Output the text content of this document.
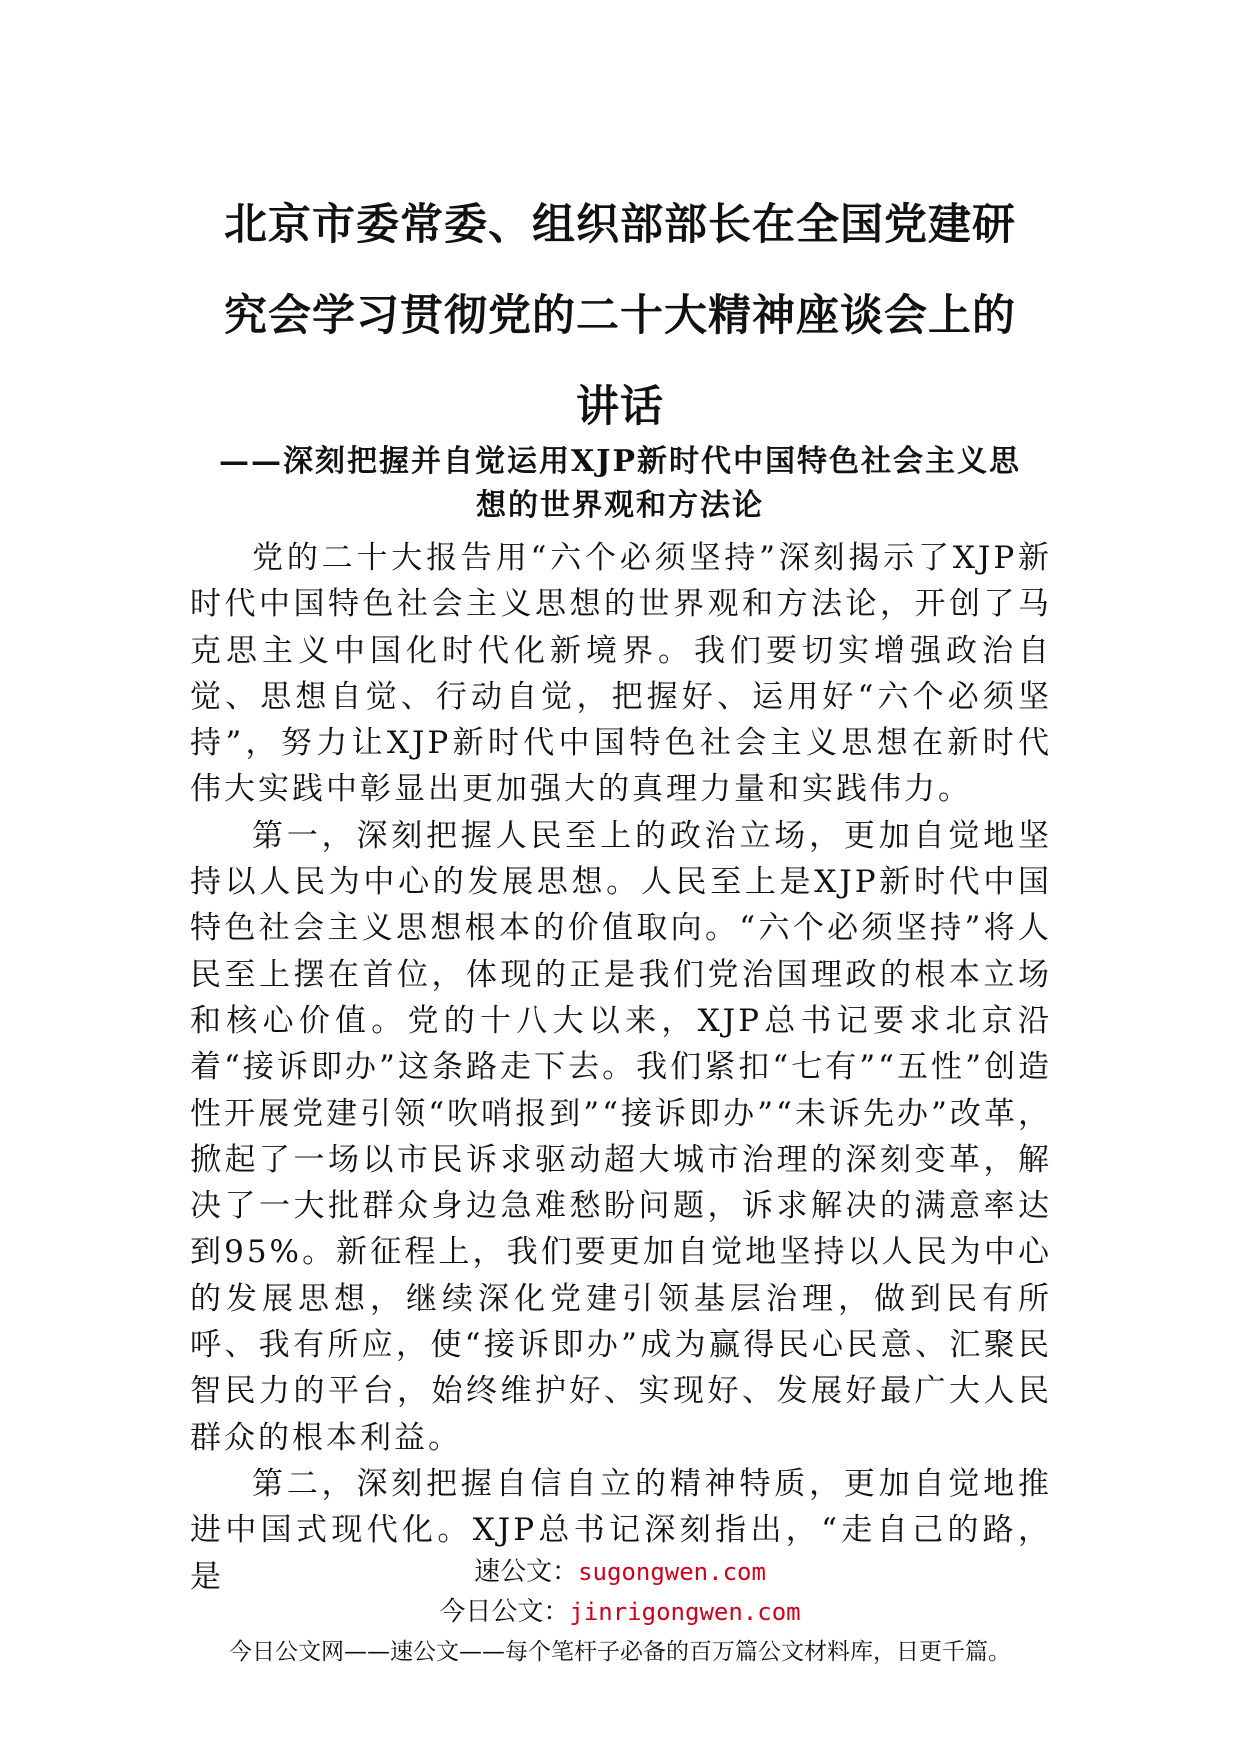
北京市委常委、组织部部长在全国党建研
究会学习贯彻党的二十大精神座谈会上的
讲话
——深刻把握并自觉运用XJP新时代中国特色社会主义思
想的世界观和方法论

党的二十大报告用“六个必须坚持”深刻揭示了XJP新时代中国特色社会主义思想的世界观和方法论，开创了马克思主义中国化时代化新境界。我们要切实增强政治自觉、思想自觉、行动自觉，把握好、运用好“六个必须坚持”，努力让XJP新时代中国特色社会主义思想在新时代伟大实践中彰显出更加强大的真理力量和实践伟力。

第一，深刻把握人民至上的政治立场，更加自觉地坚持以人民为中心的发展思想。人民至上是XJP新时代中国特色社会主义思想根本的价值取向。“六个必须坚持”将人民至上摆在首位，体现的正是我们党治国理政的根本立场和核心价值。党的十八大以来，XJP总书记要求北京沿着“接诉即办”这条路走下去。我们紧扣“七有”“五性”创造性开展党建引领“吹哨报到”“接诉即办”“未诉先办”改革，掀起了一场以市民诉求驱动超大城市治理的深刻变革，解决了一大批群众身边急难愁盼问题，诉求解决的满意率达到95%。新征程上，我们要更加自觉地坚持以人民为中心的发展思想，继续深化党建引领基层治理，做到民有所呼、我有所应，使“接诉即办”成为赢得民心民意、汇聚民智民力的平台，始终维护好、实现好、发展好最广大人民群众的根本利益。

第二，深刻把握自信自立的精神特质，更加自觉地推进中国式现代化。XJP总书记深刻指出，“走自己的路，是	速公文：sugongwen.com
今日公文：jinrigongwen.com
今日公文网——速公文——每个笔杆子必备的百万篇公文材料库，日更千篇。
